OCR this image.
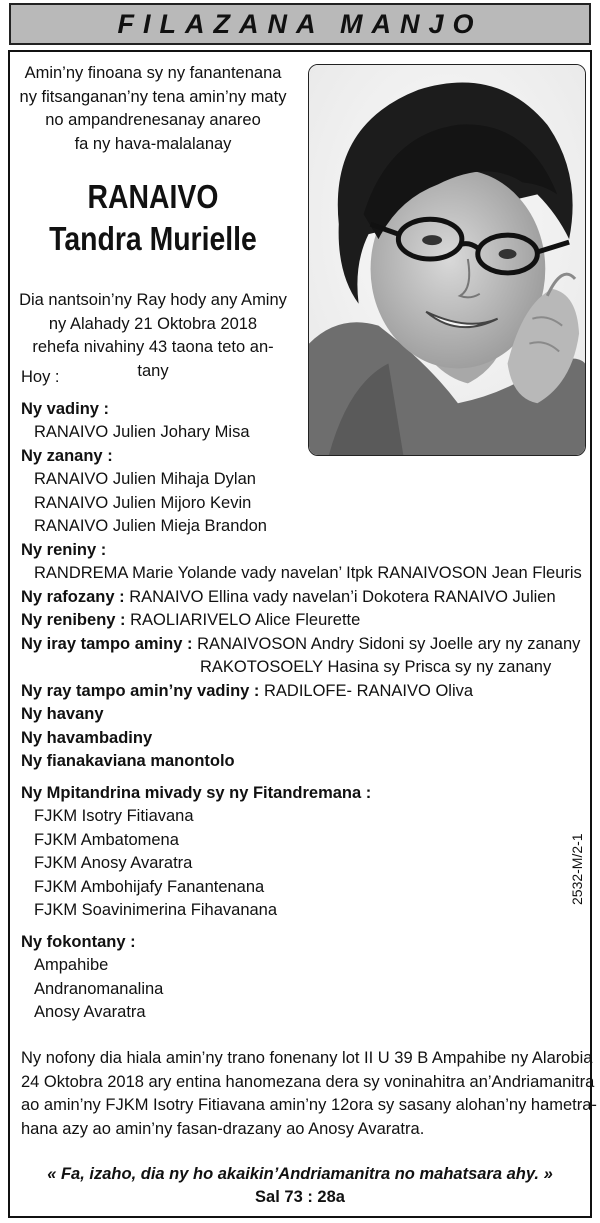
FILAZANA MANJO
Amin’ny finoana sy ny fanantenana
ny fitsanganan’ny tena amin’ny maty
no ampandrenesanay anareo
fa ny hava-malalanay
RANAIVO
Tandra Murielle
Dia nantsoin’ny Ray hody any Aminy
ny Alahady 21 Oktobra 2018
rehefa nivahiny 43 taona teto an-tany
Hoy :
Ny vadiny :
RANAIVO Julien Johary Misa
Ny zanany :
RANAIVO Julien Mihaja Dylan
RANAIVO Julien Mijoro Kevin
RANAIVO Julien Mieja Brandon
Ny reniny :
RANDREMA Marie Yolande vady navelan’ Itpk RANAIVOSON Jean Fleuris
Ny rafozany : RANAIVO Ellina vady navelan’i Dokotera RANAIVO Julien
Ny renibeny : RAOLIARIVELO Alice Fleurette
Ny iray tampo aminy : RANAIVOSON Andry Sidoni sy Joelle ary ny zanany
RAKOTOSOELY Hasina sy Prisca sy ny zanany
Ny ray tampo amin’ny vadiny : RADILOFE- RANAIVO Oliva
Ny havany
Ny havambadiny
Ny fianakaviana manontolo
Ny Mpitandrina mivady sy ny Fitandremana :
FJKM Isotry Fitiavana
FJKM Ambatomena
FJKM Anosy Avaratra
FJKM Ambohijafy Fanantenana
FJKM Soavinimerina Fihavanana
Ny fokontany :
Ampahibe
Andranomanalina
Anosy Avaratra
2532-M/2-1
Ny nofony dia hiala amin’ny trano fonenany lot II U 39 B Ampahibe ny Alarobia
24 Oktobra 2018 ary entina hanomezana dera sy voninahitra an’Andriamanitra
ao amin’ny FJKM Isotry Fitiavana amin’ny 12ora sy sasany alohan’ny hametra-
hana azy ao amin’ny fasan-drazany ao Anosy Avaratra.
« Fa, izaho, dia ny ho akaikin’Andriamanitra no mahatsara ahy. »
Sal 73 : 28a
